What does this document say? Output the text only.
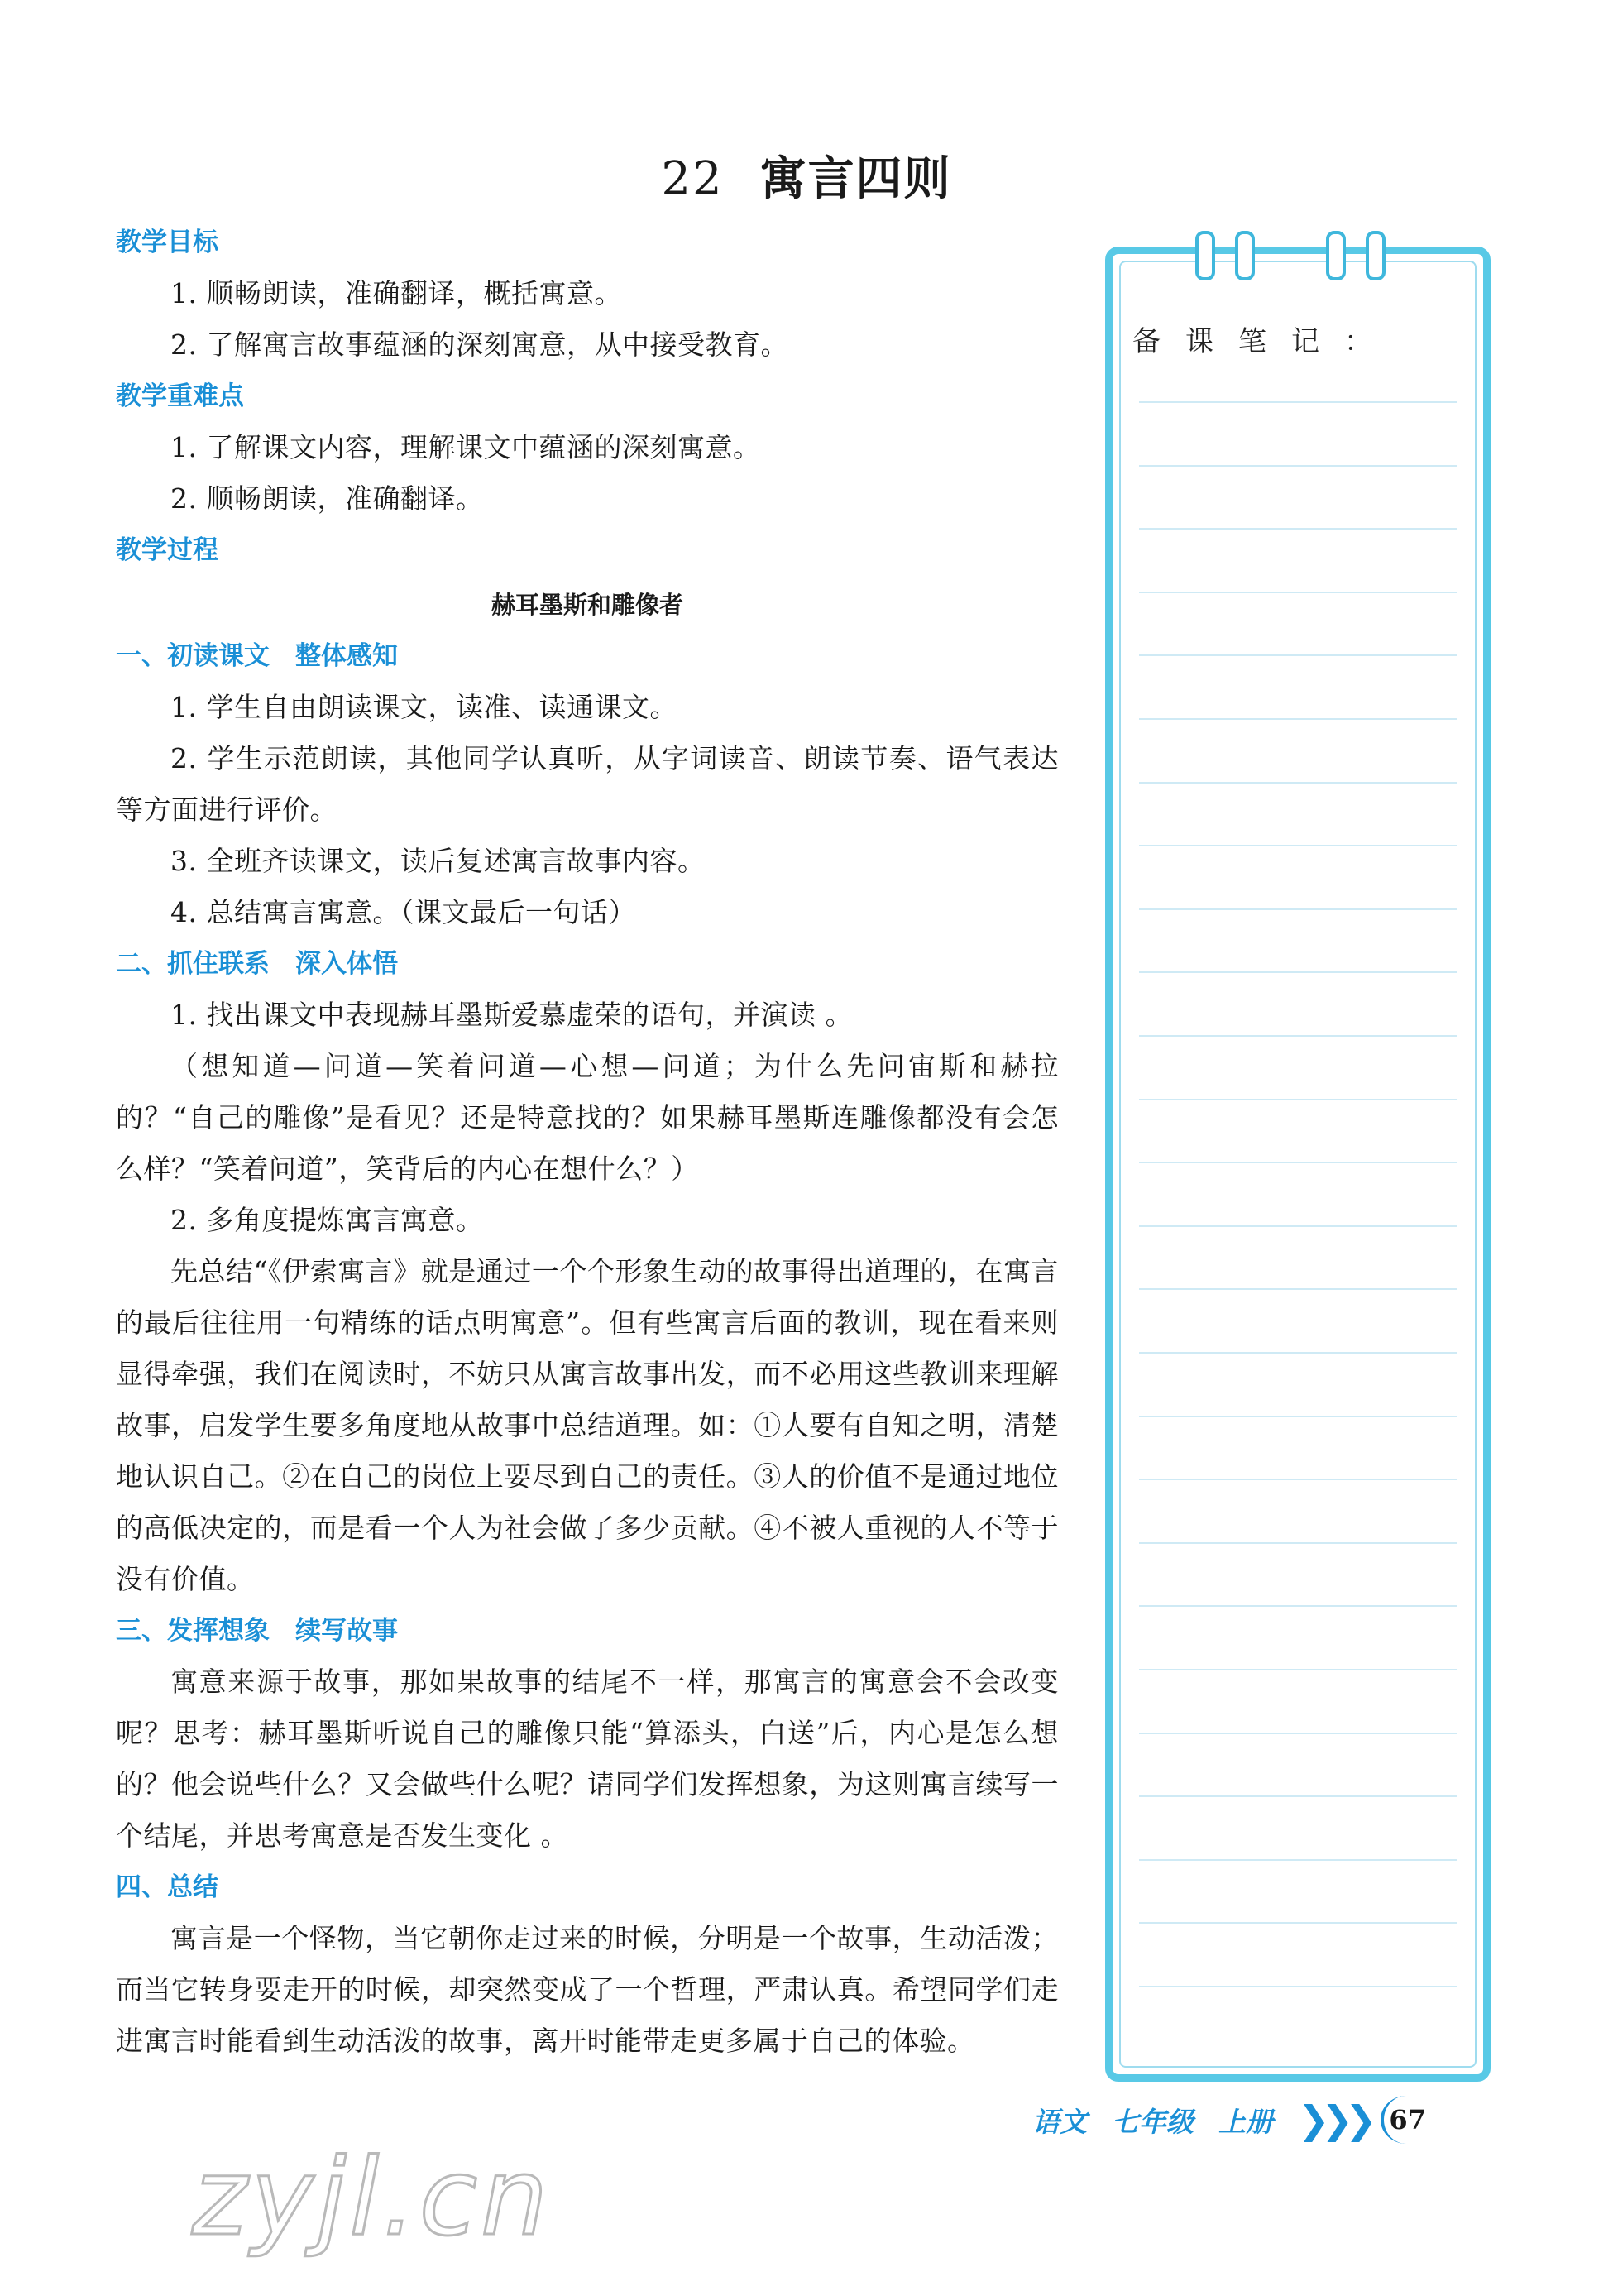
22 寓言四则
教学目标
1. 顺畅朗读，准确翻译，概括寓意。
2. 了解寓言故事蕴涵的深刻寓意，从中接受教育。
教学重难点
1. 了解课文内容，理解课文中蕴涵的深刻寓意。
2. 顺畅朗读，准确翻译。
教学过程
赫耳墨斯和雕像者
一、初读课文　整体感知
1. 学生自由朗读课文，读准、读通课文。
2. 学生示范朗读，其他同学认真听，从字词读音、朗读节奏、语气表达等方面进行评价。
3. 全班齐读课文，读后复述寓言故事内容。
4. 总结寓言寓意。（课文最后一句话）
二、抓住联系　深入体悟
1. 找出课文中表现赫耳墨斯爱慕虚荣的语句，并演读 。
（想知道—问道—笑着问道—心想—问道；为什么先问宙斯和赫拉的？“自己的雕像”是看见？还是特意找的？如果赫耳墨斯连雕像都没有会怎么样？“笑着问道”，笑背后的内心在想什么？）
2. 多角度提炼寓言寓意。
先总结“《伊索寓言》就是通过一个个形象生动的故事得出道理的，在寓言的最后往往用一句精练的话点明寓意”。但有些寓言后面的教训，现在看来则显得牵强，我们在阅读时，不妨只从寓言故事出发，而不必用这些教训来理解故事，启发学生要多角度地从故事中总结道理。如：①人要有自知之明，清楚地认识自己。②在自己的岗位上要尽到自己的责任。③人的价值不是通过地位的高低决定的，而是看一个人为社会做了多少贡献。④不被人重视的人不等于没有价值。
三、发挥想象　续写故事
寓意来源于故事，那如果故事的结尾不一样，那寓言的寓意会不会改变呢？思考：赫耳墨斯听说自己的雕像只能“算添头，白送”后，内心是怎么想的？他会说些什么？又会做些什么呢？请同学们发挥想象，为这则寓言续写一个结尾，并思考寓意是否发生变化 。
四、总结
寓言是一个怪物，当它朝你走过来的时候，分明是一个故事，生动活泼；而当它转身要走开的时候，却突然变成了一个哲理，严肃认真。希望同学们走进寓言时能看到生动活泼的故事，离开时能带走更多属于自己的体验。
备课笔记：
语文 七年级 上册 ❯❯❯ 67
zyjl.cn
